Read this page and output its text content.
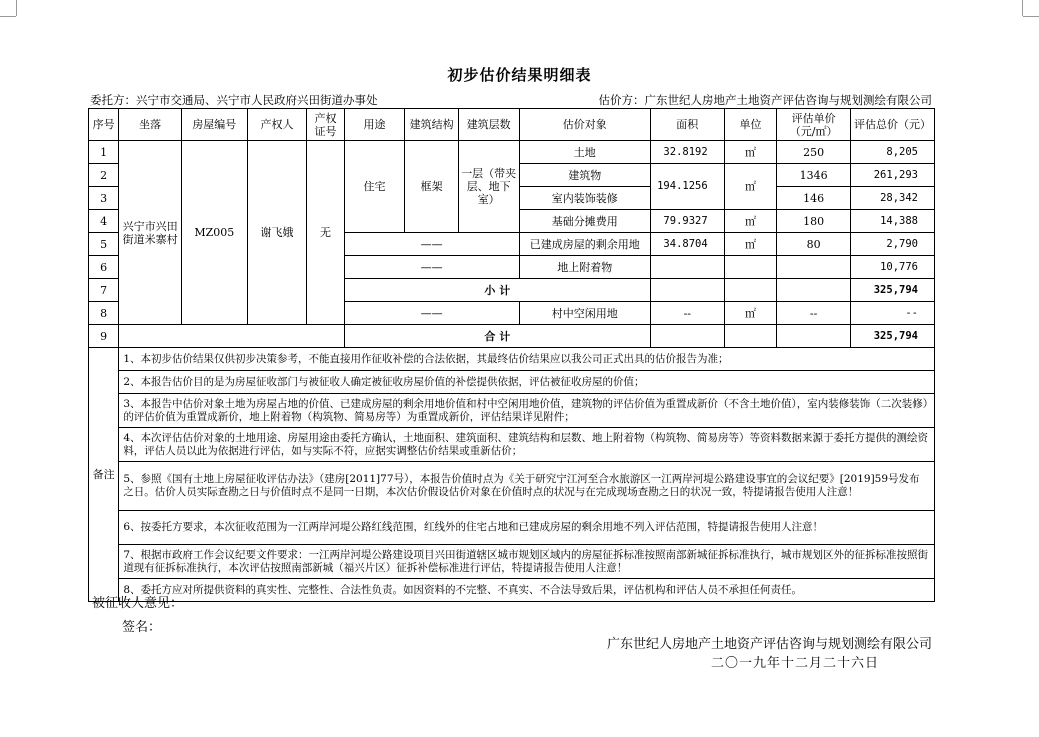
初步估价结果明细表
委托方：兴宁市交通局、兴宁市人民政府兴田街道办事处	估价方：广东世纪人房地产土地资产评估咨询与规划测绘有限公司
序号	坐落	房屋编号	产权人	产权证号	用途	建筑结构	建筑层数	估价对象	面积	单位	评估单价（元/㎡）	评估总价（元）
1	兴宁市兴田街道米寨村	MZ005	谢飞娥	无	住宅	框架	一层（带夹层、地下室）	土地	32.8192	㎡	250	8,205
2								建筑物	194.1256	㎡	1346	261,293
3								室内装饰装修			146	28,342
4								基础分摊费用	79.9327	㎡	180	14,388
5					——			已建成房屋的剩余用地	34.8704	㎡	80	2,790
6					——			地上附着物				10,776
7					小 计							325,794
8					——			村中空闲用地	--	㎡	--	--
9					合 计							325,794
备注	1、本初步估价结果仅供初步决策参考，不能直接用作征收补偿的合法依据，其最终估价结果应以我公司正式出具的估价报告为准；											
	2、本报告估价目的是为房屋征收部门与被征收人确定被征收房屋价值的补偿提供依据，评估被征收房屋的价值；											
	3、本报告中估价对象土地为房屋占地的价值、已建成房屋的剩余用地价值和村中空闲用地价值，建筑物的评估价值为重置成新价（不含土地价值），室内装修装饰（二次装修）的评估价值为重置成新价，地上附着物（构筑物、简易房等）为重置成新价，评估结果详见附件；											
	4、本次评估估价对象的土地用途、房屋用途由委托方确认，土地面积、建筑面积、建筑结构和层数、地上附着物（构筑物、简易房等）等资料数据来源于委托方提供的测绘资料，评估人员以此为依据进行评估，如与实际不符，应据实调整估价结果或重新估价；											
	5、参照《国有土地上房屋征收评估办法》（建房[2011]77号），本报告价值时点为《关于研究宁江河至合水旅游区一江两岸河堤公路建设事宜的会议纪要》[2019]59号发布之日。估价人员实际查勘之日与价值时点不是同一日期，本次估价假设估价对象在价值时点的状况与在完成现场查勘之日的状况一致，特提请报告使用人注意！											
	6、按委托方要求，本次征收范围为一江两岸河堤公路红线范围，红线外的住宅占地和已建成房屋的剩余用地不列入评估范围，特提请报告使用人注意！											
	7、根据市政府工作会议纪要文件要求：一江两岸河堤公路建设项目兴田街道辖区城市规划区域内的房屋征拆标准按照南部新城征拆标准执行，城市规划区外的征拆标准按照街道现有征拆标准执行，本次评估按照南部新城（福兴片区）征拆补偿标准进行评估，特提请报告使用人注意！											
	8、委托方应对所提供资料的真实性、完整性、合法性负责。如因资料的不完整、不真实、不合法导致后果，评估机构和评估人员不承担任何责任。											
被征收人意见：
签名：
广东世纪人房地产土地资产评估咨询与规划测绘有限公司
二〇一九年十二月二十六日
